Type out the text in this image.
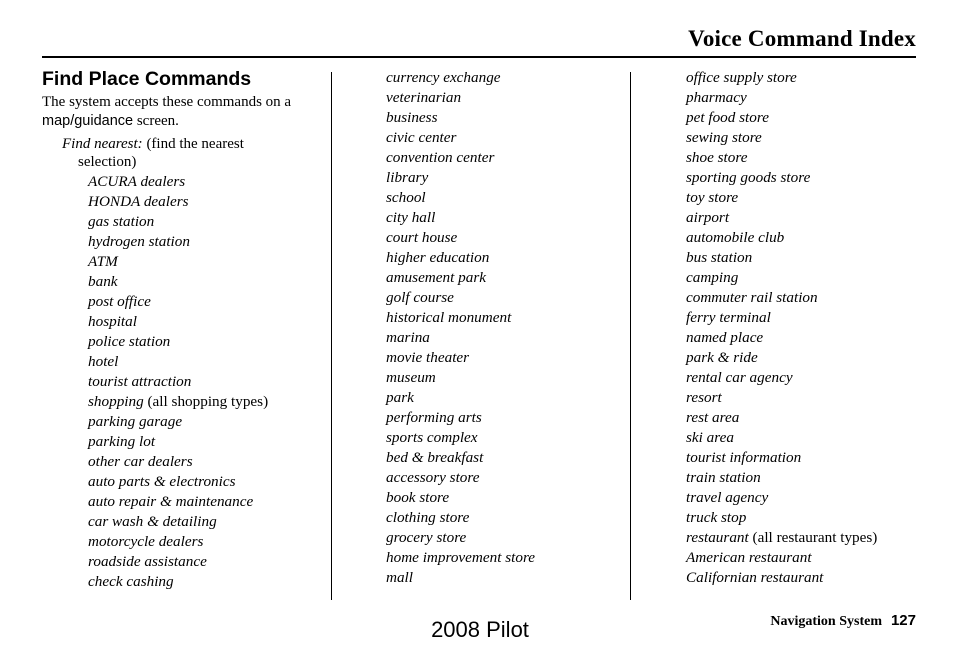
Voice Command Index
Find Place Commands
The system accepts these commands on a map/guidance screen.
Find nearest: (find the nearest
selection)
ACURA dealers
HONDA dealers
gas station
hydrogen station
ATM
bank
post office
hospital
police station
hotel
tourist attraction
shopping (all shopping types)
parking garage
parking lot
other car dealers
auto parts & electronics
auto repair & maintenance
car wash & detailing
motorcycle dealers
roadside assistance
check cashing
currency exchange
veterinarian
business
civic center
convention center
library
school
city hall
court house
higher education
amusement park
golf course
historical monument
marina
movie theater
museum
park
performing arts
sports complex
bed & breakfast
accessory store
book store
clothing store
grocery store
home improvement store
mall
office supply store
pharmacy
pet food store
sewing store
shoe store
sporting goods store
toy store
airport
automobile club
bus station
camping
commuter rail station
ferry terminal
named place
park & ride
rental car agency
resort
rest area
ski area
tourist information
train station
travel agency
truck stop
restaurant (all restaurant types)
American restaurant
Californian restaurant
Navigation System 127
2008 Pilot
